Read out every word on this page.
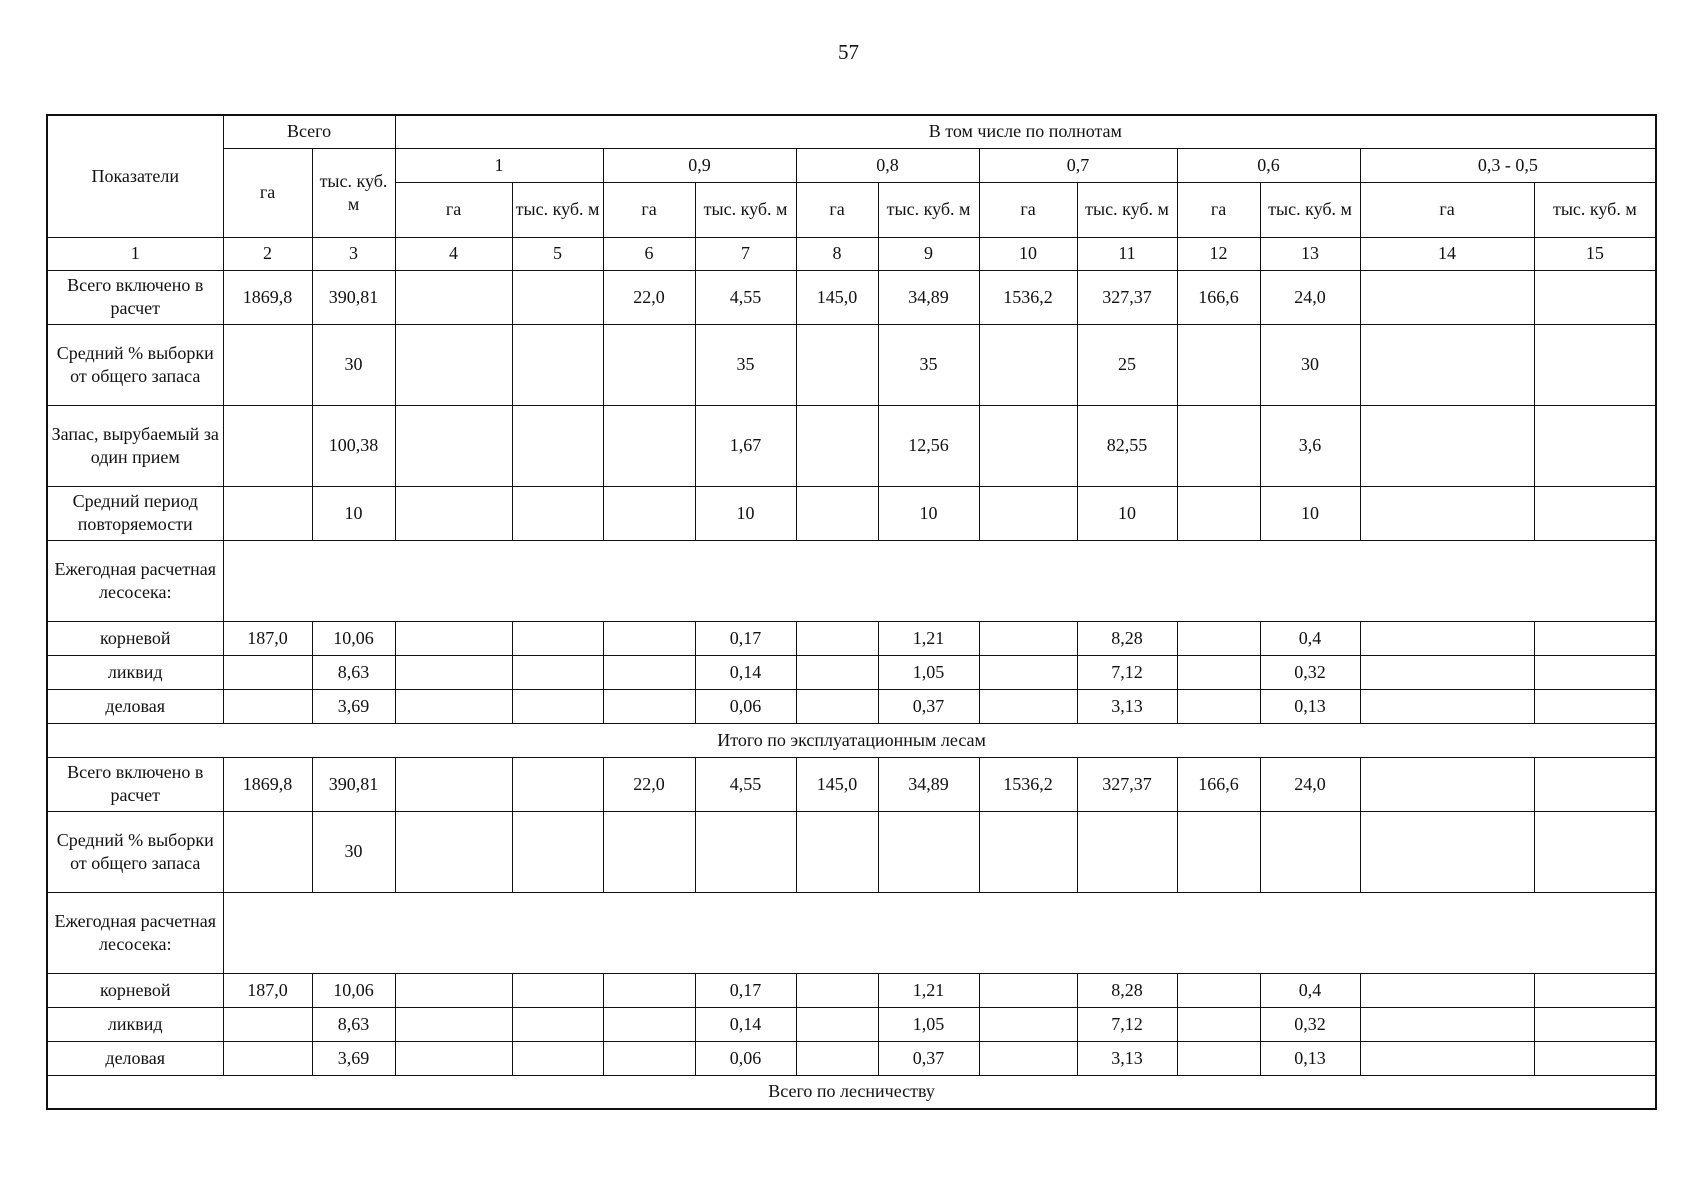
57
Показатели	Всего		В том числе по полнотам											
	га	тыс. куб. м	1		0,9		0,8		0,7		0,6		0,3 - 0,5	
			га	тыс. куб. м	га	тыс. куб. м	га	тыс. куб. м	га	тыс. куб. м	га	тыс. куб. м	га	тыс. куб. м
1	2	3	4	5	6	7	8	9	10	11	12	13	14	15
Всего включено в расчет	1869,8	390,81			22,0	4,55	145,0	34,89	1536,2	327,37	166,6	24,0		
Средний % выборки от общего запаса		30				35		35		25		30		
Запас, вырубаемый за один прием		100,38				1,67		12,56		82,55		3,6		
Средний период повторяемости		10				10		10		10		10		
Ежегодная расчетная лесосека:														
корневой	187,0	10,06				0,17		1,21		8,28		0,4		
ликвид		8,63				0,14		1,05		7,12		0,32		
деловая		3,69				0,06		0,37		3,13		0,13		
Итого по эксплуатационным лесам														
Всего включено в расчет	1869,8	390,81			22,0	4,55	145,0	34,89	1536,2	327,37	166,6	24,0		
Средний % выборки от общего запаса		30												
Ежегодная расчетная лесосека:														
корневой	187,0	10,06				0,17		1,21		8,28		0,4		
ликвид		8,63				0,14		1,05		7,12		0,32		
деловая		3,69				0,06		0,37		3,13		0,13		
Всего по лесничеству														
